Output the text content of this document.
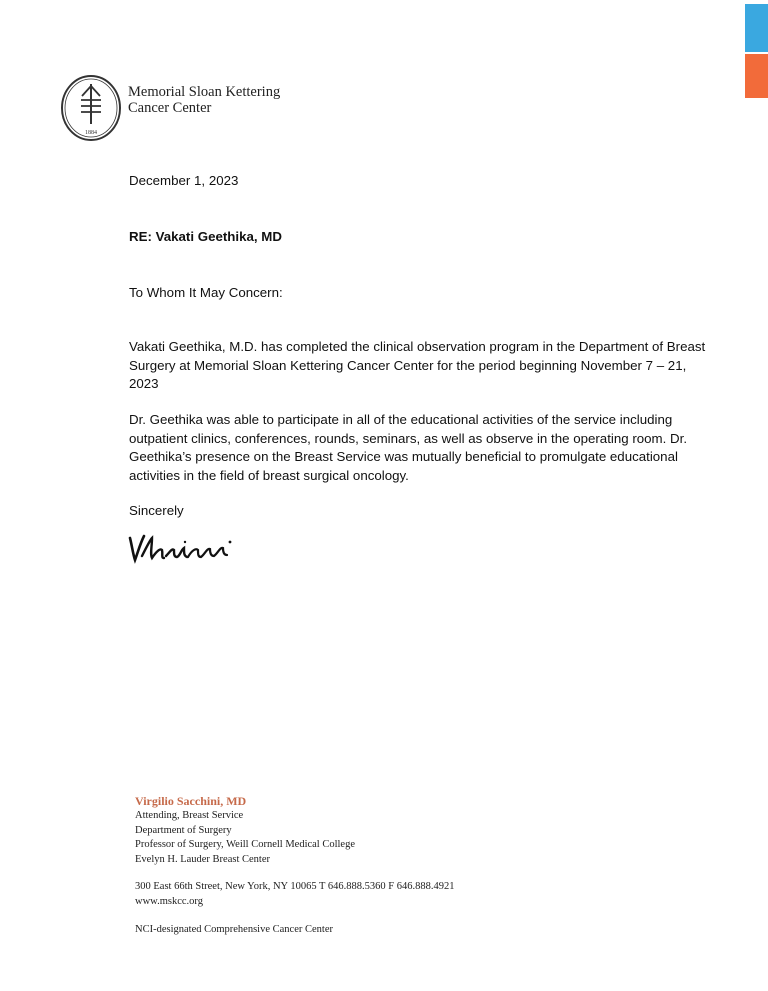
1884
Memorial Sloan Kettering
Cancer Center
December 1, 2023
RE: Vakati Geethika, MD
To Whom It May Concern:
Vakati Geethika, M.D. has completed the clinical observation program in the Department of Breast Surgery at Memorial Sloan Kettering Cancer Center for the period beginning November 7 – 21, 2023
Dr. Geethika was able to participate in all of the educational activities of the service including outpatient clinics, conferences, rounds, seminars, as well as observe in the operating room. Dr. Geethika’s presence on the Breast Service was mutually beneficial to promulgate educational activities in the field of breast surgical oncology.
Sincerely
Virgilio Sacchini, MD
Attending, Breast Service
Department of Surgery
Professor of Surgery, Weill Cornell Medical College
Evelyn H. Lauder Breast Center
300 East 66th Street, New York, NY 10065 T 646.888.5360 F 646.888.4921
www.mskcc.org
NCI-designated Comprehensive Cancer Center
